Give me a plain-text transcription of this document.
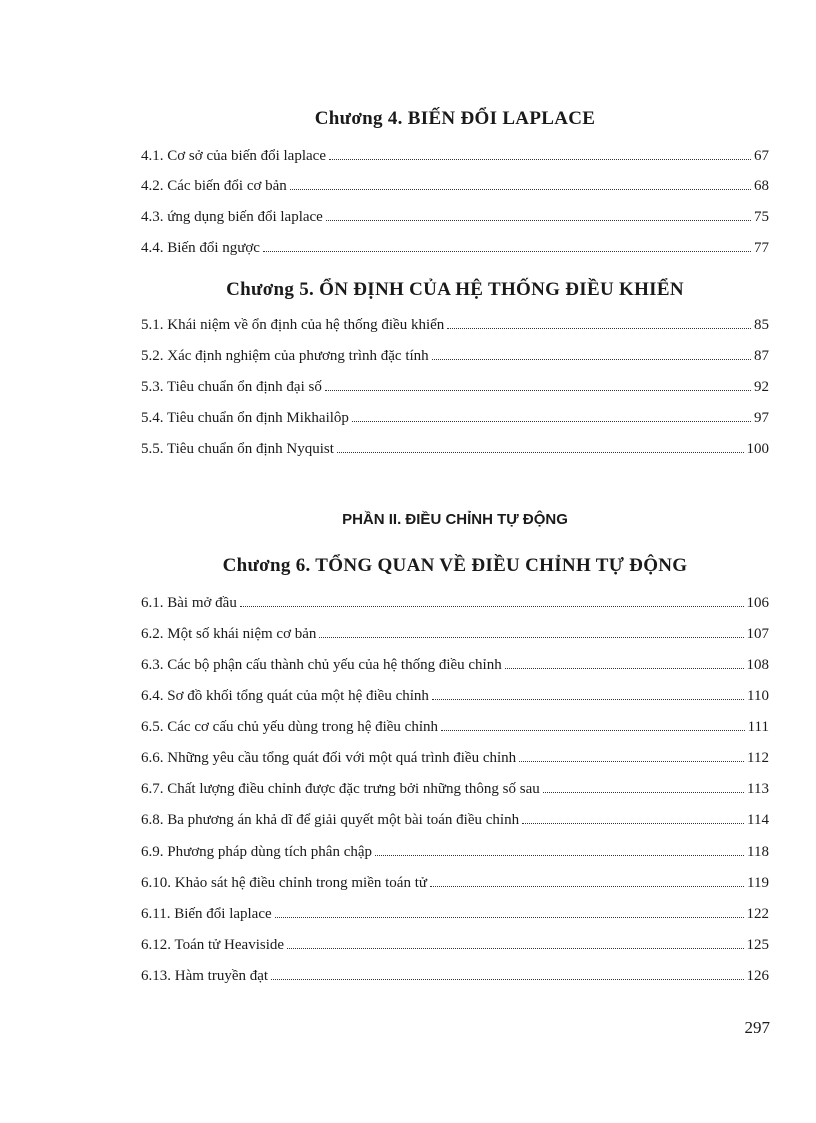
Chương 4. BIẾN ĐỔI LAPLACE
4.1. Cơ sở của biến đổi laplace	67
4.2. Các biến đổi cơ bản	68
4.3. ứng dụng biến đổi laplace	75
4.4. Biến đổi ngược	77
Chương 5. ỔN ĐỊNH CỦA HỆ THỐNG ĐIỀU KHIỂN
5.1. Khái niệm về ổn định của hệ thống điều khiển	85
5.2. Xác định nghiệm của phương trình đặc tính	87
5.3. Tiêu chuẩn ổn định đại số	92
5.4. Tiêu chuẩn ổn định Mikhailôp	97
5.5. Tiêu chuẩn ổn định Nyquist	100
PHẦN II. ĐIỀU CHỈNH TỰ ĐỘNG
Chương 6. TỔNG QUAN VỀ ĐIỀU CHỈNH TỰ ĐỘNG
6.1. Bài mở đầu	106
6.2. Một số khái niệm cơ bản	107
6.3. Các bộ phận cấu thành chủ yếu của hệ thống điều chỉnh	108
6.4. Sơ đồ khối tổng quát của một hệ điều chỉnh	110
6.5. Các cơ cấu chủ yếu dùng trong hệ điều chỉnh	111
6.6. Những yêu cầu tổng quát đối với một quá trình điều chỉnh	112
6.7. Chất lượng điều chỉnh được đặc trưng bởi những thông số sau	113
6.8. Ba phương án khả dĩ để giải quyết một bài toán điều chỉnh	114
6.9. Phương pháp dùng tích phân chập	118
6.10. Khảo sát hệ điều chỉnh trong miền toán tử	119
6.11. Biến đổi laplace	122
6.12. Toán tử Heaviside	125
6.13. Hàm truyền đạt	126
297
